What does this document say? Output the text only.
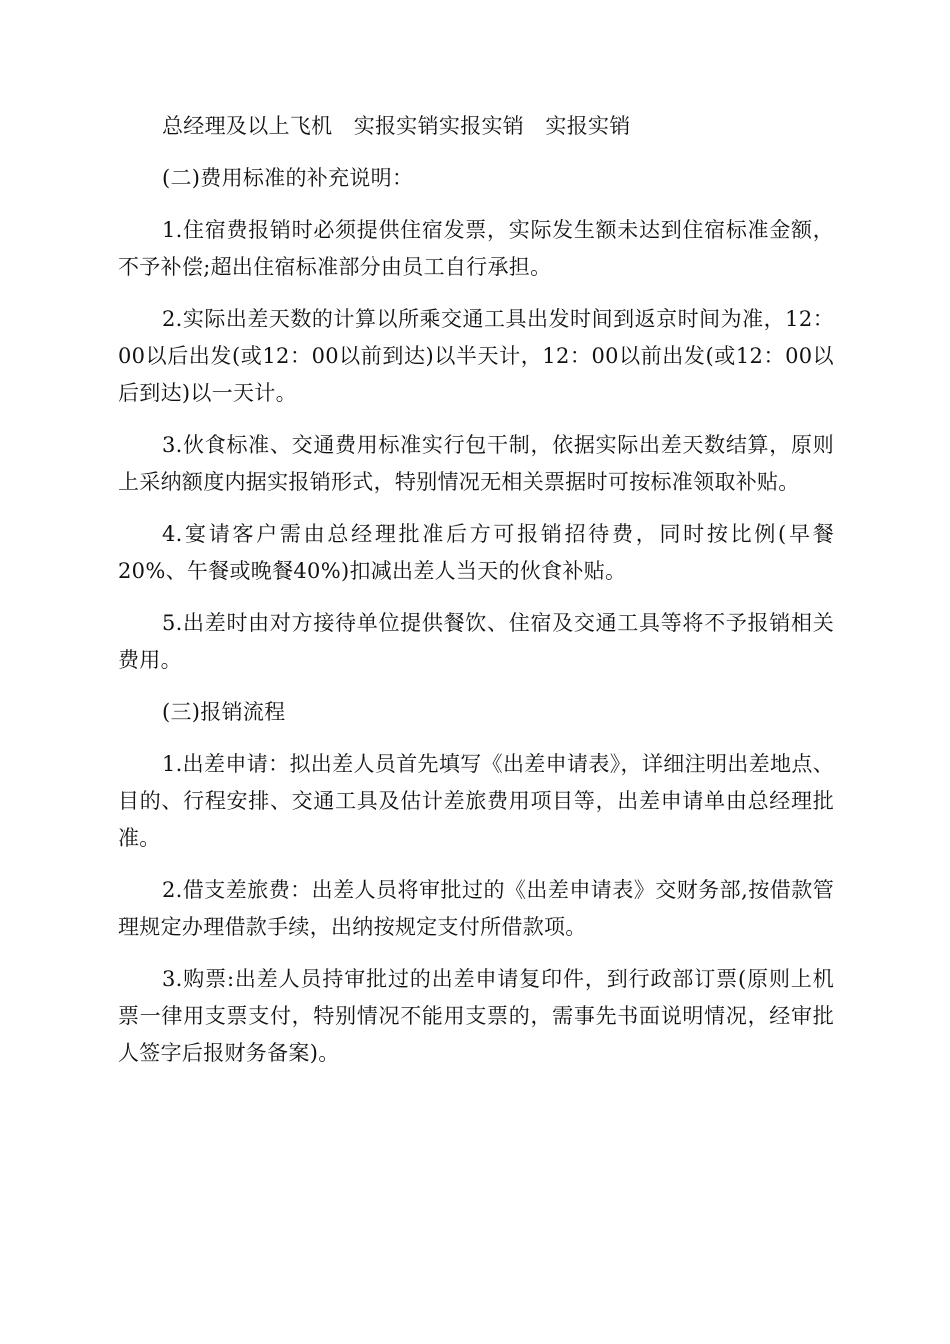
总经理及以上飞机　实报实销实报实销　实报实销

(二)费用标准的补充说明：

1.住宿费报销时必须提供住宿发票，实际发生额未达到住宿标准金额，不予补偿;超出住宿标准部分由员工自行承担。

2.实际出差天数的计算以所乘交通工具出发时间到返京时间为准，12：00以后出发(或12：00以前到达)以半天计，12：00以前出发(或12：00以后到达)以一天计。

3.伙食标准、交通费用标准实行包干制，依据实际出差天数结算，原则上采纳额度内据实报销形式，特别情况无相关票据时可按标准领取补贴。

4.宴请客户需由总经理批准后方可报销招待费，同时按比例(早餐20%、午餐或晚餐40%)扣减出差人当天的伙食补贴。

5.出差时由对方接待单位提供餐饮、住宿及交通工具等将不予报销相关费用。

(三)报销流程

1.出差申请：拟出差人员首先填写《出差申请表》，详细注明出差地点、目的、行程安排、交通工具及估计差旅费用项目等，出差申请单由总经理批准。

2.借支差旅费：出差人员将审批过的《出差申请表》交财务部,按借款管理规定办理借款手续，出纳按规定支付所借款项。

3.购票:出差人员持审批过的出差申请复印件，到行政部订票(原则上机票一律用支票支付，特别情况不能用支票的，需事先书面说明情况，经审批人签字后报财务备案)。
